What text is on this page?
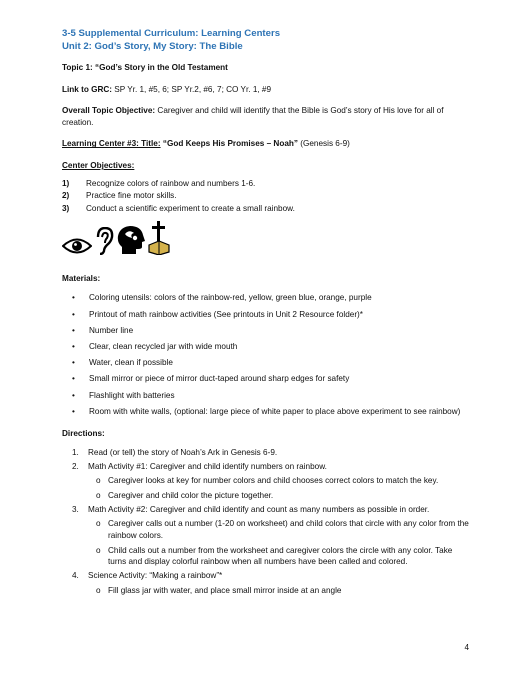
3-5 Supplemental Curriculum: Learning Centers
Unit 2: God’s Story, My Story: The Bible
Topic 1: “God’s Story in the Old Testament
Link to GRC: SP Yr. 1, #5, 6; SP Yr.2, #6, 7; CO Yr. 1, #9
Overall Topic Objective: Caregiver and child will identify that the Bible is God’s story of His love for all of creation.
Learning Center #3: Title: “God Keeps His Promises – Noah” (Genesis 6-9)
Center Objectives:
1)	Recognize colors of rainbow and numbers 1-6.
2)	Practice fine motor skills.
3)	Conduct a scientific experiment to create a small rainbow.
Materials:
•	Coloring utensils: colors of the rainbow-red, yellow, green blue, orange, purple
•	Printout of math rainbow activities (See printouts in Unit 2 Resource folder)*
•	Number line
•	Clear, clean recycled jar with wide mouth
•	Water, clean if possible
•	Small mirror or piece of mirror duct-taped around sharp edges for safety
•	Flashlight with batteries
•	Room with white walls, (optional: large piece of white paper to place above experiment to see rainbow)
Directions:
1.	Read (or tell) the story of Noah’s Ark in Genesis 6-9.
2.	Math Activity #1: Caregiver and child identify numbers on rainbow.
o Caregiver looks at key for number colors and child chooses correct colors to match the key.
o Caregiver and child color the picture together.
3.	Math Activity #2: Caregiver and child identify and count as many numbers as possible in order.
o Caregiver calls out a number (1-20 on worksheet) and child colors that circle with any color from the rainbow colors.
o Child calls out a number from the worksheet and caregiver colors the circle with any color. Take turns and display colorful rainbow when all numbers have been called and colored.
4.	Science Activity: “Making a rainbow”*
o Fill glass jar with water, and place small mirror inside at an angle
4
